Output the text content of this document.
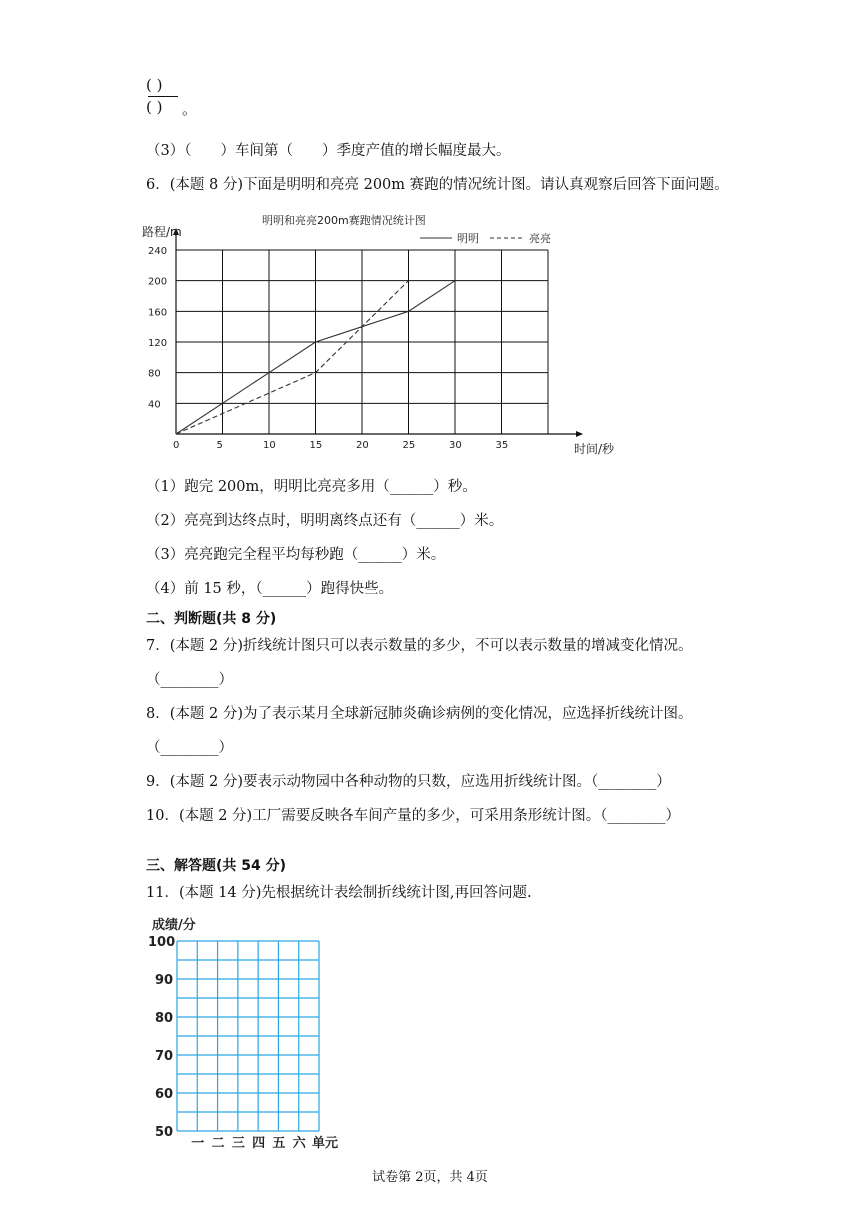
( )
( ) 。
（3）（　　）车间第（　　）季度产值的增长幅度最大。
6．(本题 8 分)下面是明明和亮亮 200m 赛跑的情况统计图。请认真观察后回答下面问题。
40
80
120
160
200
240
0	5	10	15	20	25	30	35
明明和亮亮200m赛跑情况统计图
路程/m
时间/秒
明明	亮亮
（1）跑完 200m，明明比亮亮多用（______）秒。
（2）亮亮到达终点时，明明离终点还有（______）米。
（3）亮亮跑完全程平均每秒跑（______）米。
（4）前 15 秒，（______）跑得快些。
二、判断题(共 8 分)
7．(本题 2 分)折线统计图只可以表示数量的多少，不可以表示数量的增减变化情况。
（________）
8．(本题 2 分)为了表示某月全球新冠肺炎确诊病例的变化情况，应选择折线统计图。
（________）
9．(本题 2 分)要表示动物园中各种动物的只数，应选用折线统计图。（________）
10．(本题 2 分)工厂需要反映各车间产量的多少，可采用条形统计图。（________）
三、解答题(共 54 分)
11．(本题 14 分)先根据统计表绘制折线统计图,再回答问题.
成绩/分
50
60
70
80
90
100
一 二 三 四 五 六 单元
试卷第 2页，共 4页
